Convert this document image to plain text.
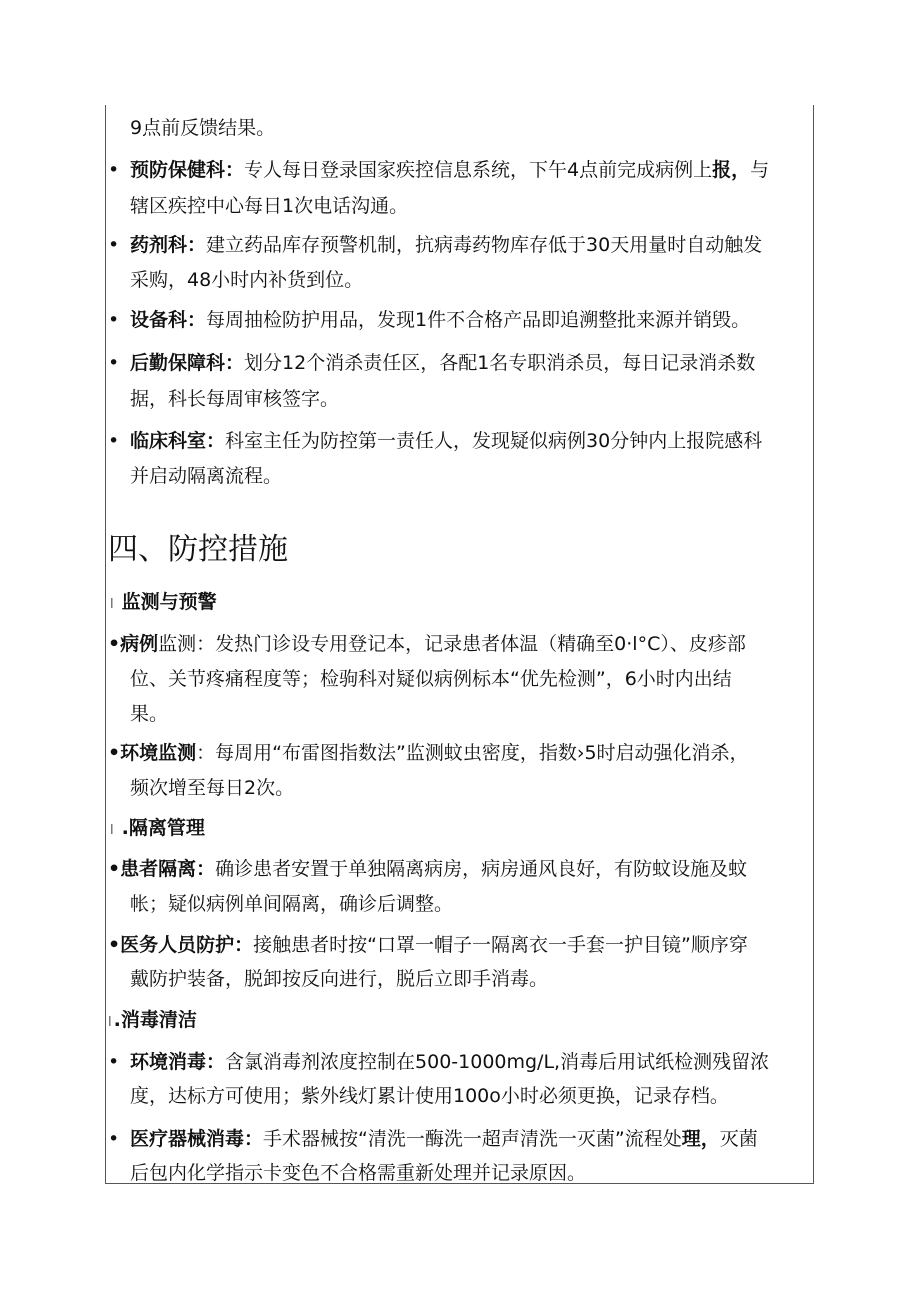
9点前反馈结果。
• 预防保健科：专人每日登录国家疾控信息系统，下午4点前完成病例上报，与
辖区疾控中心每日1次电话沟通。
• 药剂科：建立药品库存预警机制，抗病毒药物库存低于30天用量时自动触发
采购，48小时内补货到位。
• 设备科：每周抽检防护用品，发现1件不合格产品即追溯整批来源并销毁。
• 后勤保障科：划分12个消杀责任区，各配1名专职消杀员，每日记录消杀数
据，科长每周审核签字。
• 临床科室：科室主任为防控第一责任人，发现疑似病例30分钟内上报院感科
并启动隔离流程。
四、防控措施
l 监测与预警
•病例监测：发热门诊设专用登记本，记录患者体温（精确至0·l°C）、皮疹部
位、关节疼痛程度等；检驹科对疑似病例标本“优先检测”，6小时内出结
果。
•环境监测：每周用“布雷图指数法”监测蚊虫密度，指数›5时启动强化消杀，
频次增至每日2次。
l .隔离管理
•患者隔离：确诊患者安置于单独隔离病房，病房通风良好，有防蚊设施及蚊
帐；疑似病例单间隔离，确诊后调整。
•医务人员防护：接触患者时按“口罩一帽子一隔离衣一手套一护目镜”顺序穿
戴防护装备，脱卸按反向进行，脱后立即手消毒。
l .消毒清洁
• 环境消毒：含氯消毒剂浓度控制在500-1000mg/L,消毒后用试纸检测残留浓
度，达标方可使用；紫外线灯累计使用100o小时必须更换，记录存档。
• 医疗器械消毒：手术器械按“清洗一酶洗一超声清洗一灭菌”流程处理，灭菌
后包内化学指示卡变色不合格需重新处理并记录原因。
